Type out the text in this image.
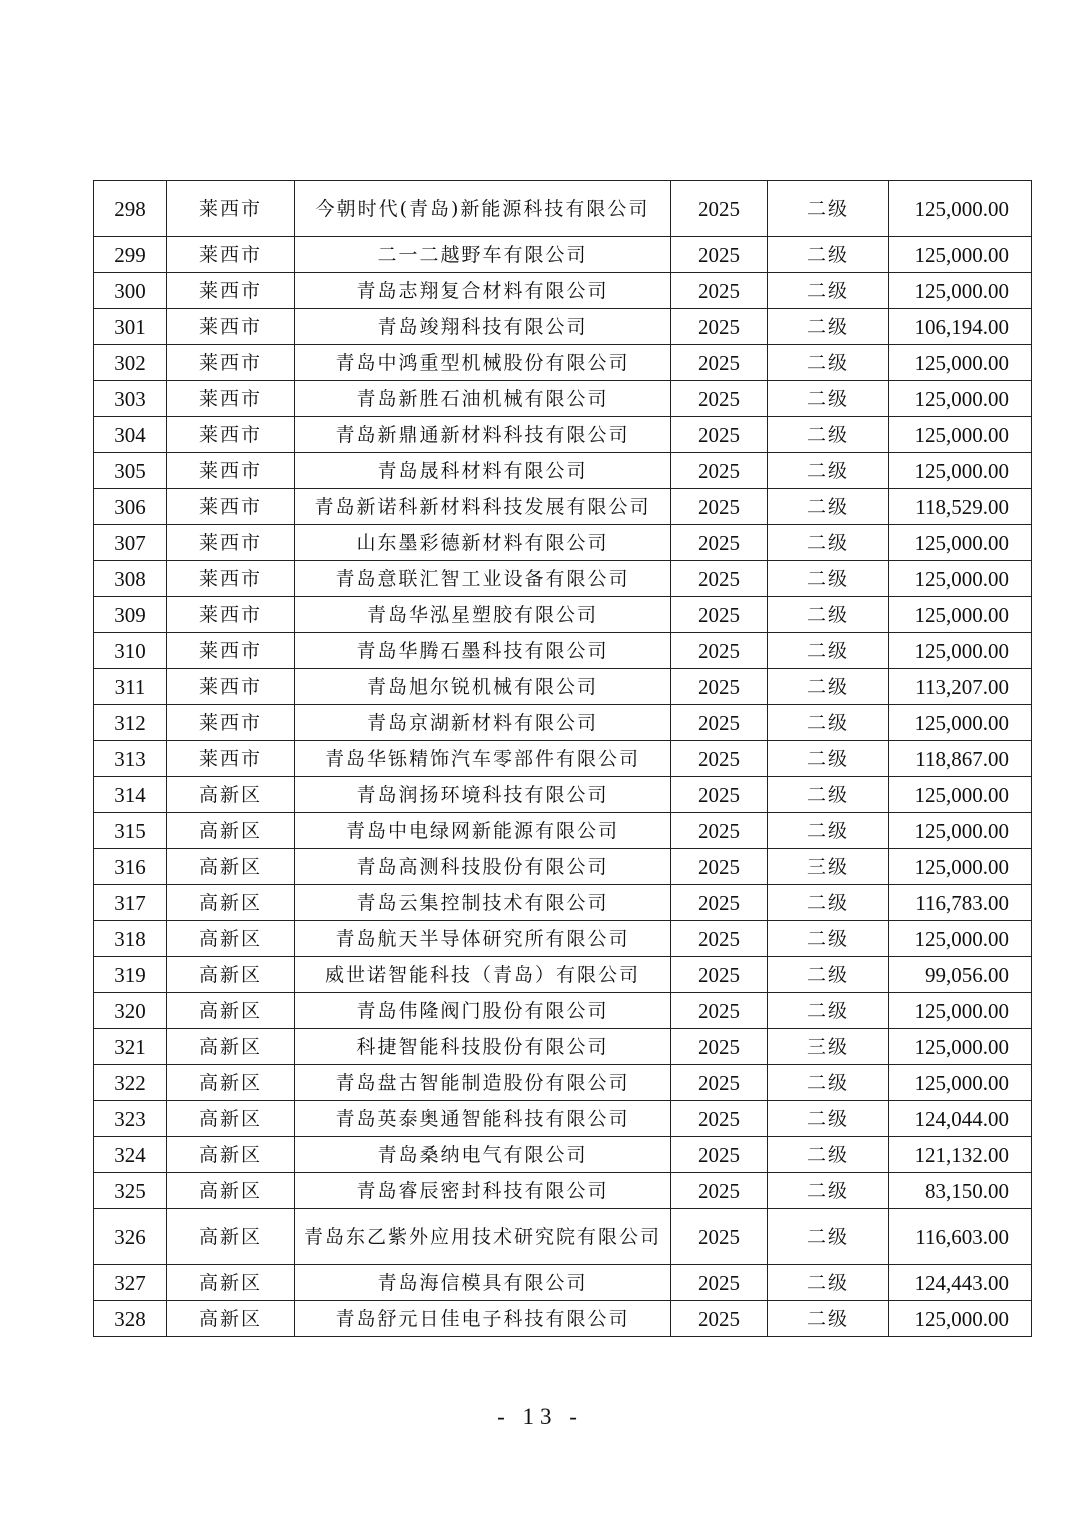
298	莱西市	今朝时代(青岛)新能源科技有限公司	2025	二级	125,000.00
299	莱西市	二一二越野车有限公司	2025	二级	125,000.00
300	莱西市	青岛志翔复合材料有限公司	2025	二级	125,000.00
301	莱西市	青岛竣翔科技有限公司	2025	二级	106,194.00
302	莱西市	青岛中鸿重型机械股份有限公司	2025	二级	125,000.00
303	莱西市	青岛新胜石油机械有限公司	2025	二级	125,000.00
304	莱西市	青岛新鼎通新材料科技有限公司	2025	二级	125,000.00
305	莱西市	青岛晟科材料有限公司	2025	二级	125,000.00
306	莱西市	青岛新诺科新材料科技发展有限公司	2025	二级	118,529.00
307	莱西市	山东墨彩德新材料有限公司	2025	二级	125,000.00
308	莱西市	青岛意联汇智工业设备有限公司	2025	二级	125,000.00
309	莱西市	青岛华泓星塑胶有限公司	2025	二级	125,000.00
310	莱西市	青岛华腾石墨科技有限公司	2025	二级	125,000.00
311	莱西市	青岛旭尔锐机械有限公司	2025	二级	113,207.00
312	莱西市	青岛京湖新材料有限公司	2025	二级	125,000.00
313	莱西市	青岛华铄精饰汽车零部件有限公司	2025	二级	118,867.00
314	高新区	青岛润扬环境科技有限公司	2025	二级	125,000.00
315	高新区	青岛中电绿网新能源有限公司	2025	二级	125,000.00
316	高新区	青岛高测科技股份有限公司	2025	三级	125,000.00
317	高新区	青岛云集控制技术有限公司	2025	二级	116,783.00
318	高新区	青岛航天半导体研究所有限公司	2025	二级	125,000.00
319	高新区	威世诺智能科技（青岛）有限公司	2025	二级	99,056.00
320	高新区	青岛伟隆阀门股份有限公司	2025	二级	125,000.00
321	高新区	科捷智能科技股份有限公司	2025	三级	125,000.00
322	高新区	青岛盘古智能制造股份有限公司	2025	二级	125,000.00
323	高新区	青岛英泰奥通智能科技有限公司	2025	二级	124,044.00
324	高新区	青岛桑纳电气有限公司	2025	二级	121,132.00
325	高新区	青岛睿辰密封科技有限公司	2025	二级	83,150.00
326	高新区	青岛东乙紫外应用技术研究院有限公司	2025	二级	116,603.00
327	高新区	青岛海信模具有限公司	2025	二级	124,443.00
328	高新区	青岛舒元日佳电子科技有限公司	2025	二级	125,000.00
- 13 -
